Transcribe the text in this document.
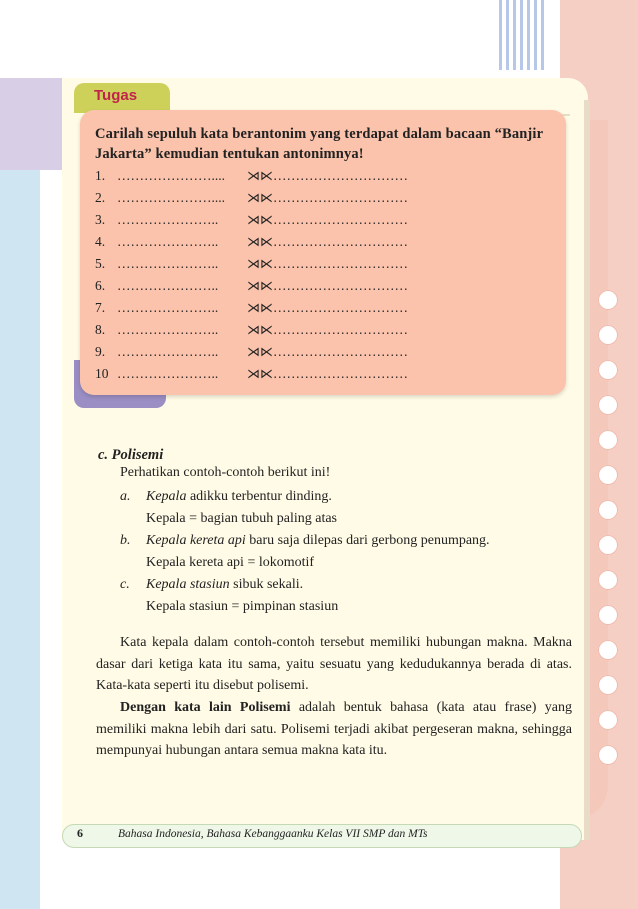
Tugas
Carilah sepuluh kata berantonim yang terdapat dalam bacaan “Banjir Jakarta” kemudian tentukan antonimnya!
1. ………………….... ⋊⋉…………………………
2. ………………….... ⋊⋉…………………………
3. ………………….. ⋊⋉…………………………
4. ………………….. ⋊⋉…………………………
5. ………………….. ⋊⋉…………………………
6. ………………….. ⋊⋉…………………………
7. ………………….. ⋊⋉…………………………
8. ………………….. ⋊⋉…………………………
9. ………………….. ⋊⋉…………………………
10 ………………….. ⋊⋉…………………………
c. Polisemi
Perhatikan contoh-contoh berikut ini!
a. Kepala adikku terbentur dinding.
Kepala = bagian tubuh paling atas
b. Kepala kereta api baru saja dilepas dari gerbong penumpang.
Kepala kereta api = lokomotif
c. Kepala stasiun sibuk sekali.
Kepala stasiun = pimpinan stasiun
Kata kepala dalam contoh-contoh tersebut memiliki hubungan makna. Makna dasar dari ketiga kata itu sama, yaitu sesuatu yang kedudukannya berada di atas. Kata-kata seperti itu disebut polisemi.
Dengan kata lain Polisemi adalah bentuk bahasa (kata atau frase) yang memiliki makna lebih dari satu. Polisemi terjadi akibat pergeseran makna, sehingga mempunyai hubungan antara semua makna kata itu.
6	Bahasa Indonesia, Bahasa Kebanggaanku Kelas VII SMP dan MTs
